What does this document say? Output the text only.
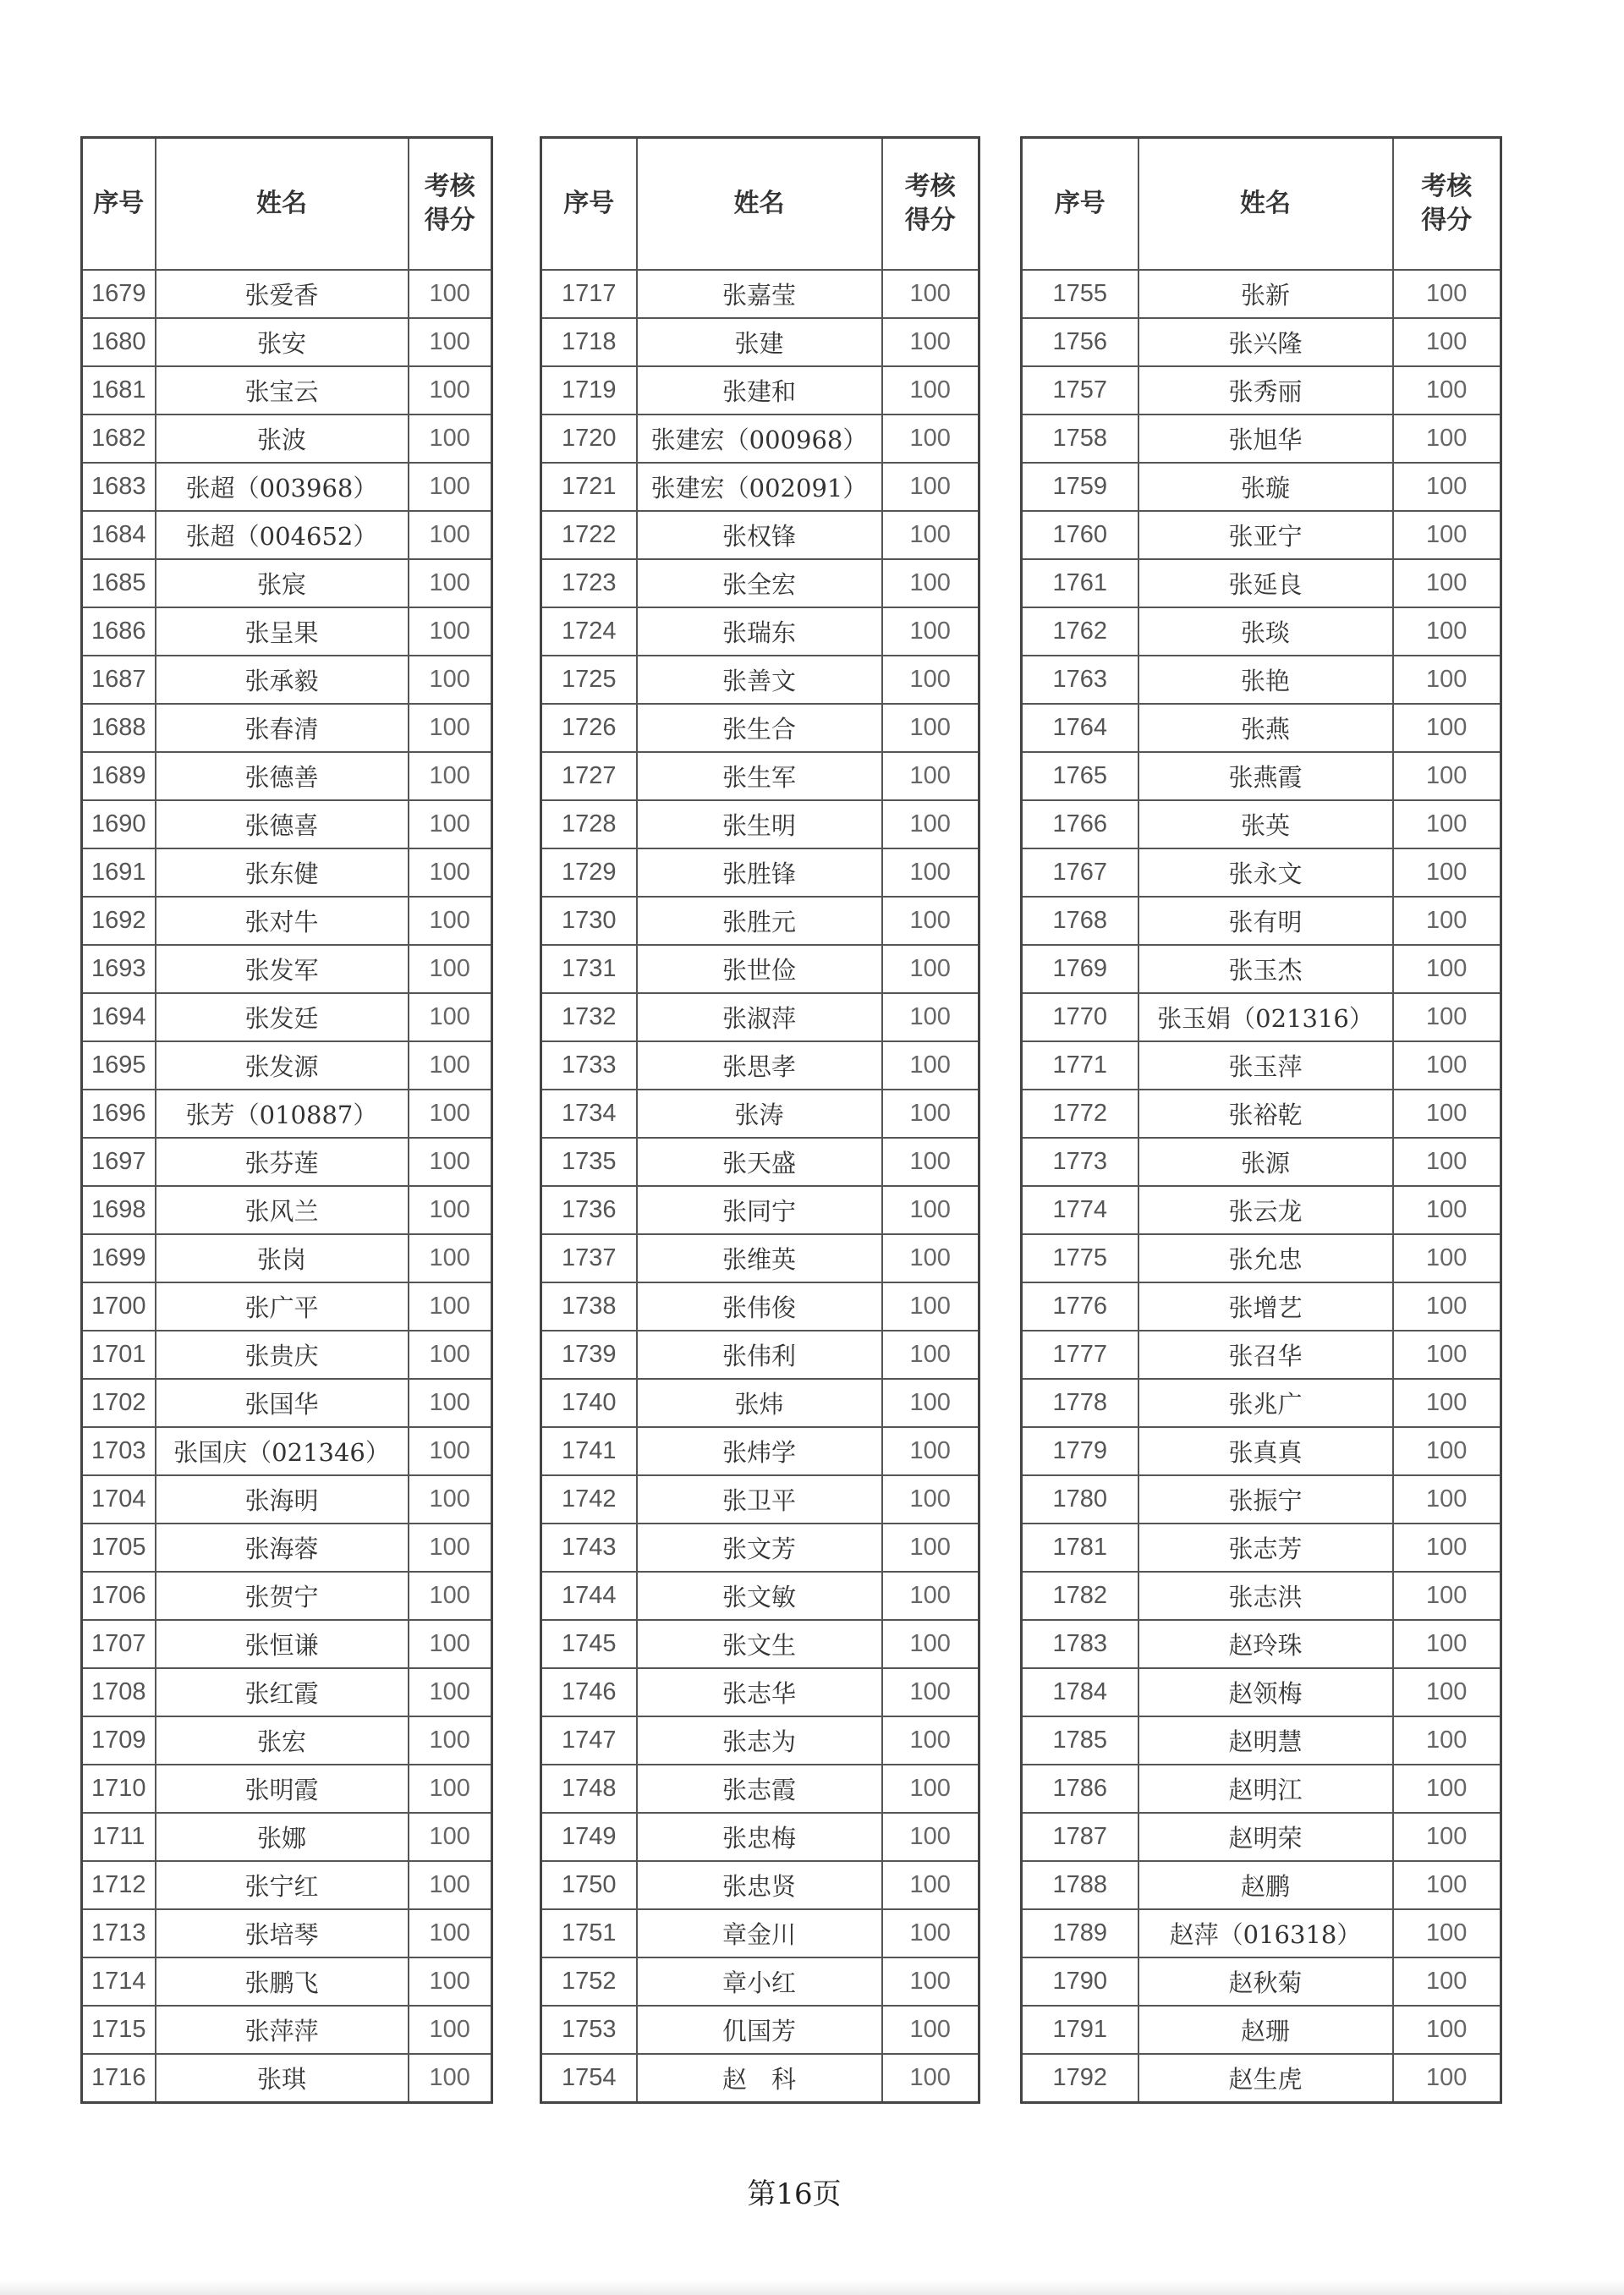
序号	姓名	考核
得分

1679	张爱香	100
1680	张安	100
1681	张宝云	100
1682	张波	100
1683	张超（003968）	100
1684	张超（004652）	100
1685	张宸	100
1686	张呈果	100
1687	张承毅	100
1688	张春清	100
1689	张德善	100
1690	张德喜	100
1691	张东健	100
1692	张对牛	100
1693	张发军	100
1694	张发廷	100
1695	张发源	100
1696	张芳（010887）	100
1697	张芬莲	100
1698	张风兰	100
1699	张岗	100
1700	张广平	100
1701	张贵庆	100
1702	张国华	100
1703	张国庆（021346）	100
1704	张海明	100
1705	张海蓉	100
1706	张贺宁	100
1707	张恒谦	100
1708	张红霞	100
1709	张宏	100
1710	张明霞	100
1711	张娜	100
1712	张宁红	100
1713	张培琴	100
1714	张鹏飞	100
1715	张萍萍	100
1716	张琪	100
序号	姓名	考核
得分

1717	张嘉莹	100
1718	张建	100
1719	张建和	100
1720	张建宏（000968）	100
1721	张建宏（002091）	100
1722	张权锋	100
1723	张全宏	100
1724	张瑞东	100
1725	张善文	100
1726	张生合	100
1727	张生军	100
1728	张生明	100
1729	张胜锋	100
1730	张胜元	100
1731	张世俭	100
1732	张淑萍	100
1733	张思孝	100
1734	张涛	100
1735	张天盛	100
1736	张同宁	100
1737	张维英	100
1738	张伟俊	100
1739	张伟利	100
1740	张炜	100
1741	张炜学	100
1742	张卫平	100
1743	张文芳	100
1744	张文敏	100
1745	张文生	100
1746	张志华	100
1747	张志为	100
1748	张志霞	100
1749	张忠梅	100
1750	张忠贤	100
1751	章金川	100
1752	章小红	100
1753	仉国芳	100
1754	赵　科	100
序号	姓名	考核
得分

1755	张新	100
1756	张兴隆	100
1757	张秀丽	100
1758	张旭华	100
1759	张璇	100
1760	张亚宁	100
1761	张延良	100
1762	张琰	100
1763	张艳	100
1764	张燕	100
1765	张燕霞	100
1766	张英	100
1767	张永文	100
1768	张有明	100
1769	张玉杰	100
1770	张玉娟（021316）	100
1771	张玉萍	100
1772	张裕乾	100
1773	张源	100
1774	张云龙	100
1775	张允忠	100
1776	张增艺	100
1777	张召华	100
1778	张兆广	100
1779	张真真	100
1780	张振宁	100
1781	张志芳	100
1782	张志洪	100
1783	赵玲珠	100
1784	赵领梅	100
1785	赵明慧	100
1786	赵明江	100
1787	赵明荣	100
1788	赵鹏	100
1789	赵萍（016318）	100
1790	赵秋菊	100
1791	赵珊	100
1792	赵生虎	100
第16页
